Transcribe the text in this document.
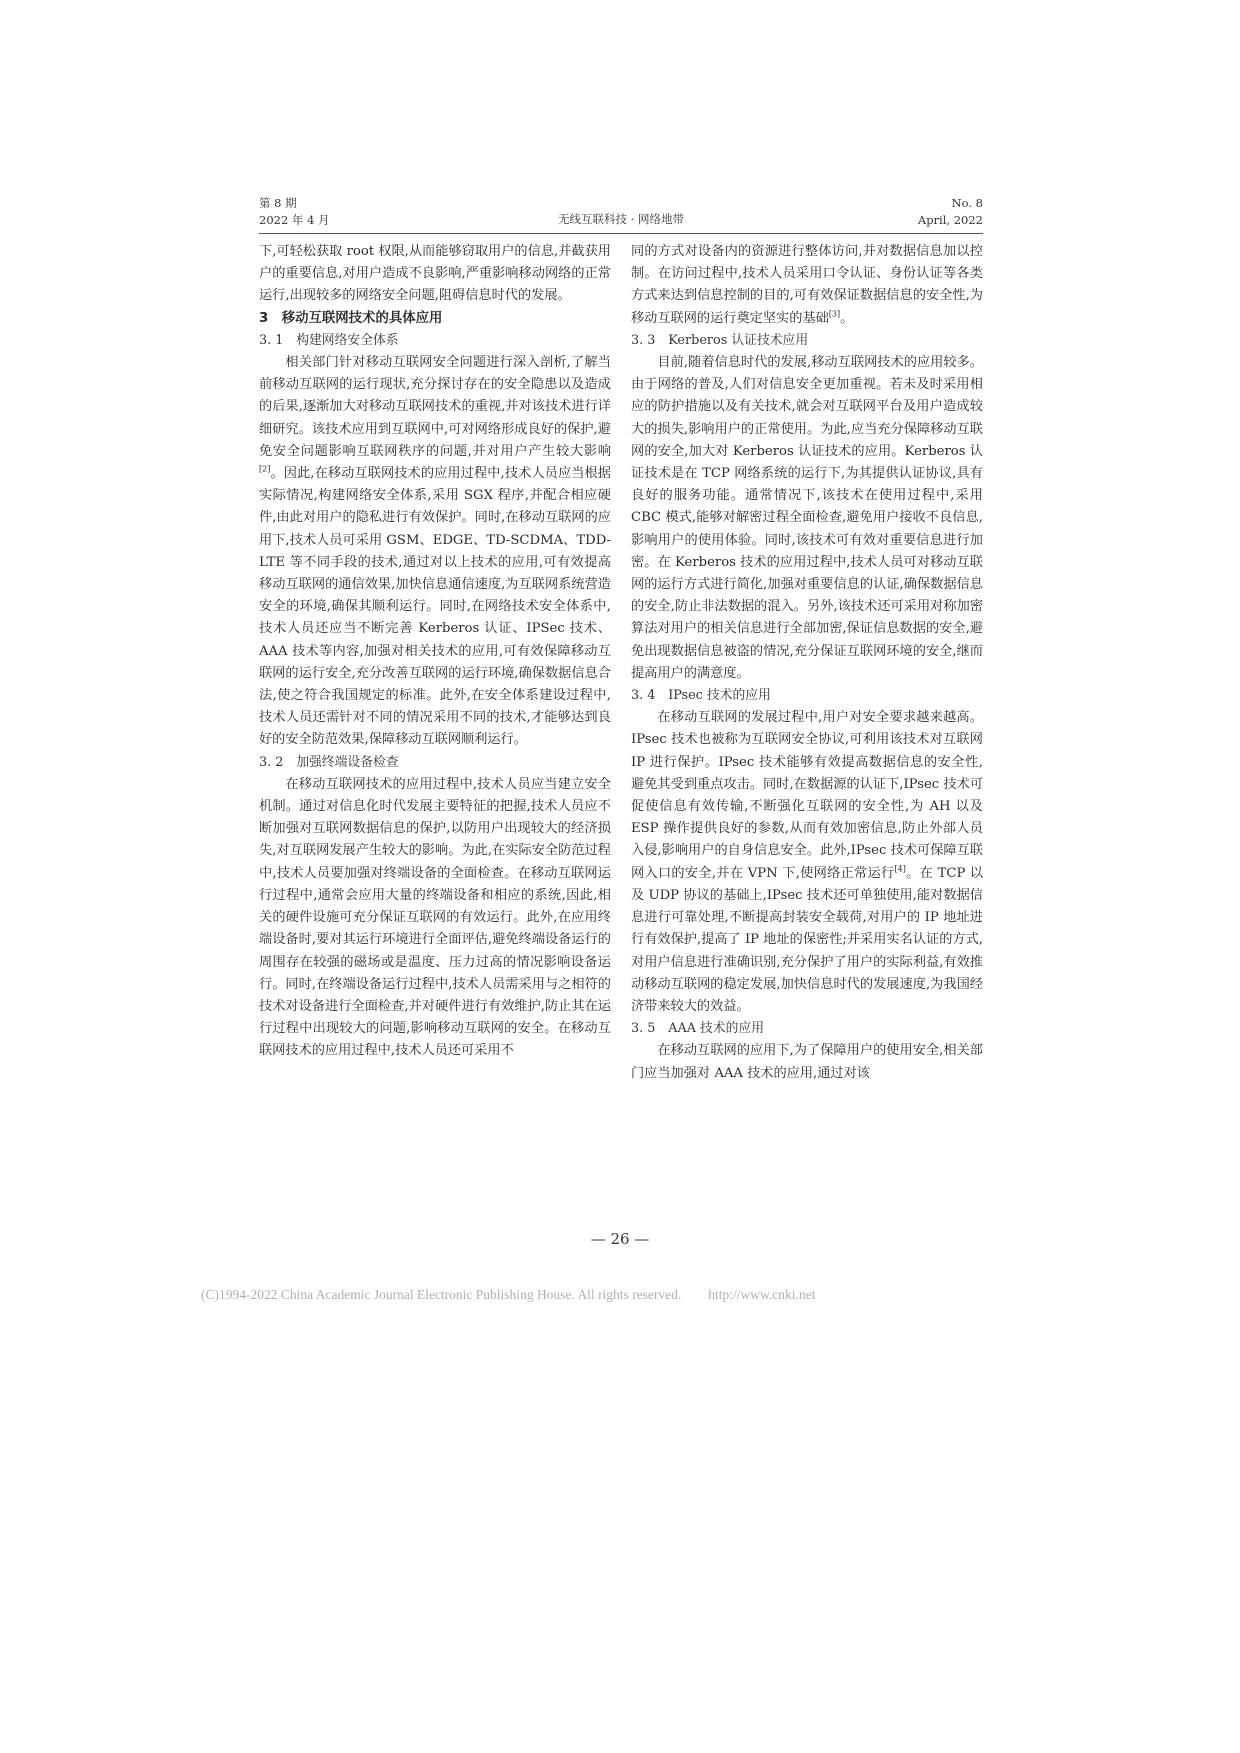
第 8 期
2022 年 4 月	无线互联科技 · 网络地带
No. 8
April, 2022

下,可轻松获取 root 权限,从而能够窃取用户的信息,并截获用户的重要信息,对用户造成不良影响,严重影响移动网络的正常运行,出现较多的网络安全问题,阻碍信息时代的发展。

3　移动互联网技术的具体应用
3. 1　构建网络安全体系

相关部门针对移动互联网安全问题进行深入剖析,了解当前移动互联网的运行现状,充分探讨存在的安全隐患以及造成的后果,逐渐加大对移动互联网技术的重视,并对该技术进行详细研究。该技术应用到互联网中,可对网络形成良好的保护,避免安全问题影响互联网秩序的问题,并对用户产生较大影响[2]。因此,在移动互联网技术的应用过程中,技术人员应当根据实际情况,构建网络安全体系,采用 SGX 程序,并配合相应硬件,由此对用户的隐私进行有效保护。同时,在移动互联网的应用下,技术人员可采用 GSM、EDGE、TD-SCDMA、TDD-LTE 等不同手段的技术,通过对以上技术的应用,可有效提高移动互联网的通信效果,加快信息通信速度,为互联网系统营造安全的环境,确保其顺利运行。同时,在网络技术安全体系中,技术人员还应当不断完善 Kerberos 认证、IPSec 技术、AAA 技术等内容,加强对相关技术的应用,可有效保障移动互联网的运行安全,充分改善互联网的运行环境,确保数据信息合法,使之符合我国规定的标准。此外,在安全体系建设过程中,技术人员还需针对不同的情况采用不同的技术,才能够达到良好的安全防范效果,保障移动互联网顺利运行。

3. 2　加强终端设备检查

在移动互联网技术的应用过程中,技术人员应当建立安全机制。通过对信息化时代发展主要特征的把握,技术人员应不断加强对互联网数据信息的保护,以防用户出现较大的经济损失,对互联网发展产生较大的影响。为此,在实际安全防范过程中,技术人员要加强对终端设备的全面检查。在移动互联网运行过程中,通常会应用大量的终端设备和相应的系统,因此,相关的硬件设施可充分保证互联网的有效运行。此外,在应用终端设备时,要对其运行环境进行全面评估,避免终端设备运行的周围存在较强的磁场或是温度、压力过高的情况影响设备运行。同时,在终端设备运行过程中,技术人员需采用与之相符的技术对设备进行全面检查,并对硬件进行有效维护,防止其在运行过程中出现较大的问题,影响移动互联网的安全。在移动互联网技术的应用过程中,技术人员还可采用不

同的方式对设备内的资源进行整体访问,并对数据信息加以控制。在访问过程中,技术人员采用口令认证、身份认证等各类方式来达到信息控制的目的,可有效保证数据信息的安全性,为移动互联网的运行奠定坚实的基础[3]。

3. 3　Kerberos 认证技术应用

目前,随着信息时代的发展,移动互联网技术的应用较多。由于网络的普及,人们对信息安全更加重视。若未及时采用相应的防护措施以及有关技术,就会对互联网平台及用户造成较大的损失,影响用户的正常使用。为此,应当充分保障移动互联网的安全,加大对 Kerberos 认证技术的应用。Kerberos 认证技术是在 TCP 网络系统的运行下,为其提供认证协议,具有良好的服务功能。通常情况下,该技术在使用过程中,采用 CBC 模式,能够对解密过程全面检查,避免用户接收不良信息,影响用户的使用体验。同时,该技术可有效对重要信息进行加密。在 Kerberos 技术的应用过程中,技术人员可对移动互联网的运行方式进行简化,加强对重要信息的认证,确保数据信息的安全,防止非法数据的混入。另外,该技术还可采用对称加密算法对用户的相关信息进行全部加密,保证信息数据的安全,避免出现数据信息被盗的情况,充分保证互联网环境的安全,继而提高用户的满意度。

3. 4　IPsec 技术的应用

在移动互联网的发展过程中,用户对安全要求越来越高。IPsec 技术也被称为互联网安全协议,可利用该技术对互联网 IP 进行保护。IPsec 技术能够有效提高数据信息的安全性,避免其受到重点攻击。同时,在数据源的认证下,IPsec 技术可促使信息有效传输,不断强化互联网的安全性,为 AH 以及 ESP 操作提供良好的参数,从而有效加密信息,防止外部人员入侵,影响用户的自身信息安全。此外,IPsec 技术可保障互联网入口的安全,并在 VPN 下,使网络正常运行[4]。在 TCP 以及 UDP 协议的基础上,IPsec 技术还可单独使用,能对数据信息进行可靠处理,不断提高封装安全载荷,对用户的 IP 地址进行有效保护,提高了 IP 地址的保密性;并采用实名认证的方式,对用户信息进行准确识别,充分保护了用户的实际利益,有效推动移动互联网的稳定发展,加快信息时代的发展速度,为我国经济带来较大的效益。

3. 5　AAA 技术的应用

在移动互联网的应用下,为了保障用户的使用安全,相关部门应当加强对 AAA 技术的应用,通过对该

— 26 —
(C)1994-2022 China Academic Journal Electronic Publishing House. All rights reserved.　　http://www.cnki.net
